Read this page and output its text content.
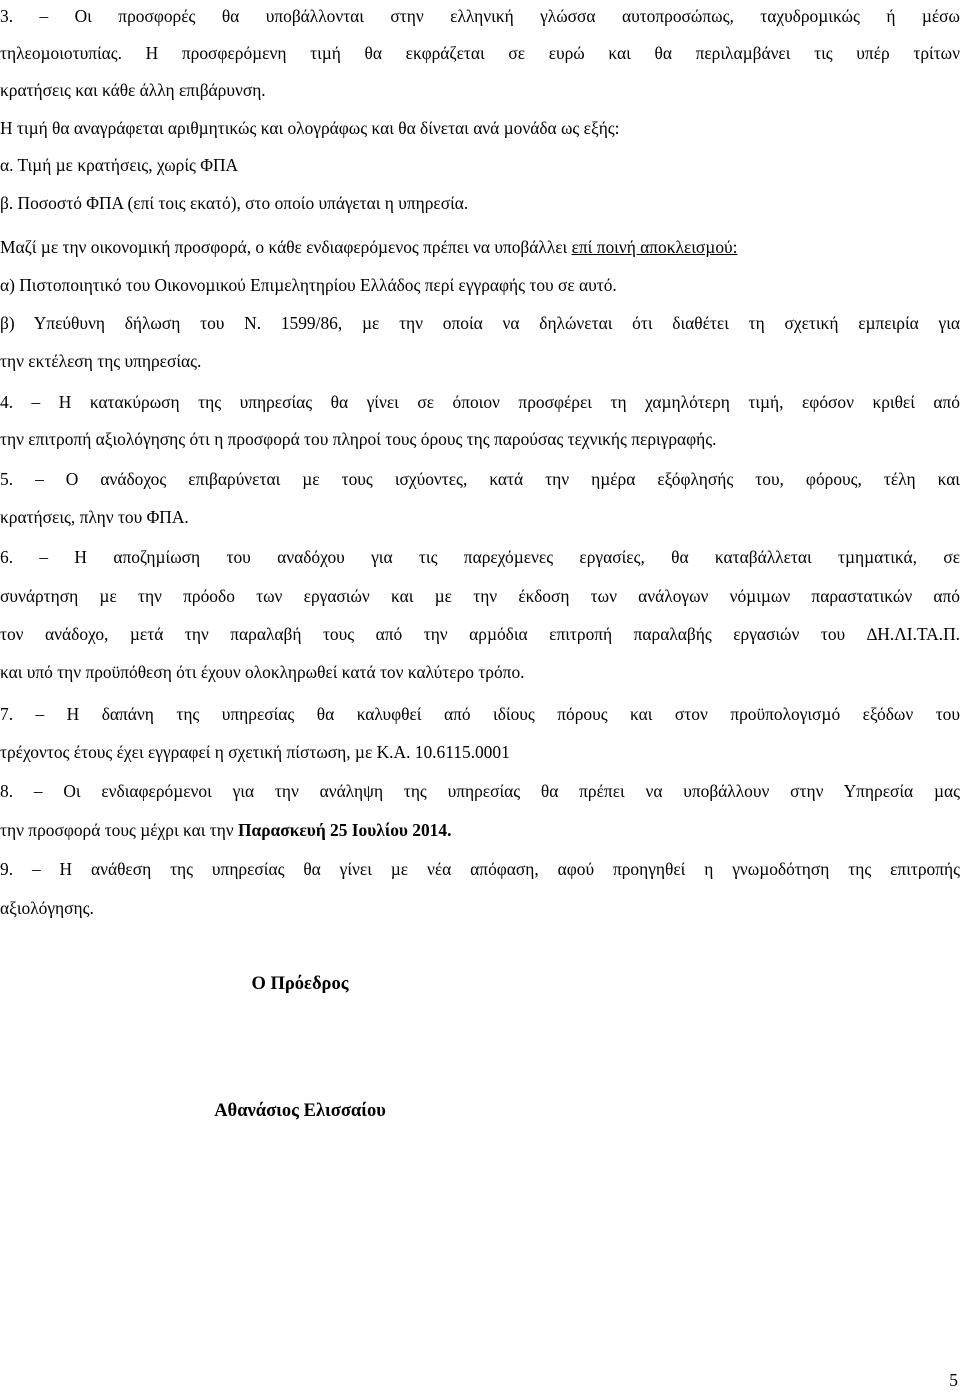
3. – Οι προσφορές θα υποβάλλονται στην ελληνική γλώσσα αυτοπροσώπως, ταχυδροµικώς ή µέσω

τηλεοµοιοτυπίας. Η προσφερόµενη τιµή θα εκφράζεται σε ευρώ και θα περιλαµβάνει τις υπέρ τρίτων

κρατήσεις και κάθε άλλη επιβάρυνση.

Η τιµή θα αναγράφεται αριθµητικώς και ολογράφως και θα δίνεται ανά µονάδα ως εξής:

α. Τιµή µε κρατήσεις, χωρίς ΦΠΑ

β. Ποσοστό ΦΠΑ (επί τοις εκατό), στο οποίο υπάγεται η υπηρεσία.

Μαζί µε την οικονοµική προσφορά, ο κάθε ενδιαφερόµενος πρέπει να υποβάλλει επί ποινή αποκλεισµού:

α) Πιστοποιητικό του Οικονοµικού Επιµελητηρίου Ελλάδος περί εγγραφής του σε αυτό.

β) Υπεύθυνη δήλωση του Ν. 1599/86, µε την οποία να δηλώνεται ότι διαθέτει τη σχετική εµπειρία για

την εκτέλεση της υπηρεσίας.

4. – Η κατακύρωση της υπηρεσίας θα γίνει σε όποιον προσφέρει τη χαµηλότερη τιµή, εφόσον κριθεί από

την επιτροπή αξιολόγησης ότι η προσφορά του πληροί τους όρους της παρούσας τεχνικής περιγραφής.

5. – Ο ανάδοχος επιβαρύνεται µε τους ισχύοντες, κατά την ηµέρα εξόφλησής του, φόρους, τέλη και

κρατήσεις, πλην του ΦΠΑ.

6. – Η αποζηµίωση του αναδόχου για τις παρεχόµενες εργασίες, θα καταβάλλεται τµηµατικά, σε

συνάρτηση µε την πρόοδο των εργασιών και µε την έκδοση των ανάλογων νόµιµων παραστατικών από

τον ανάδοχο, µετά την παραλαβή τους από την αρµόδια επιτροπή παραλαβής εργασιών του ∆Η.ΛΙ.ΤΑ.Π.

και υπό την προϋπόθεση ότι έχουν ολοκληρωθεί κατά τον καλύτερο τρόπο.

7. – Η δαπάνη της υπηρεσίας θα καλυφθεί από ιδίους πόρους και στον προϋπολογισµό εξόδων του

τρέχοντος έτους έχει εγγραφεί η σχετική πίστωση, µε Κ.Α. 10.6115.0001

8. – Οι ενδιαφερόµενοι για την ανάληψη της υπηρεσίας θα πρέπει να υποβάλλουν στην Υπηρεσία µας

την προσφορά τους µέχρι και την Παρασκευή 25 Ιουλίου 2014.

9. – Η ανάθεση της υπηρεσίας θα γίνει µε νέα απόφαση, αφού προηγηθεί η γνωµοδότηση της επιτροπής

αξιολόγησης.

Ο Πρόεδρος

Αθανάσιος Ελισσαίου

5
